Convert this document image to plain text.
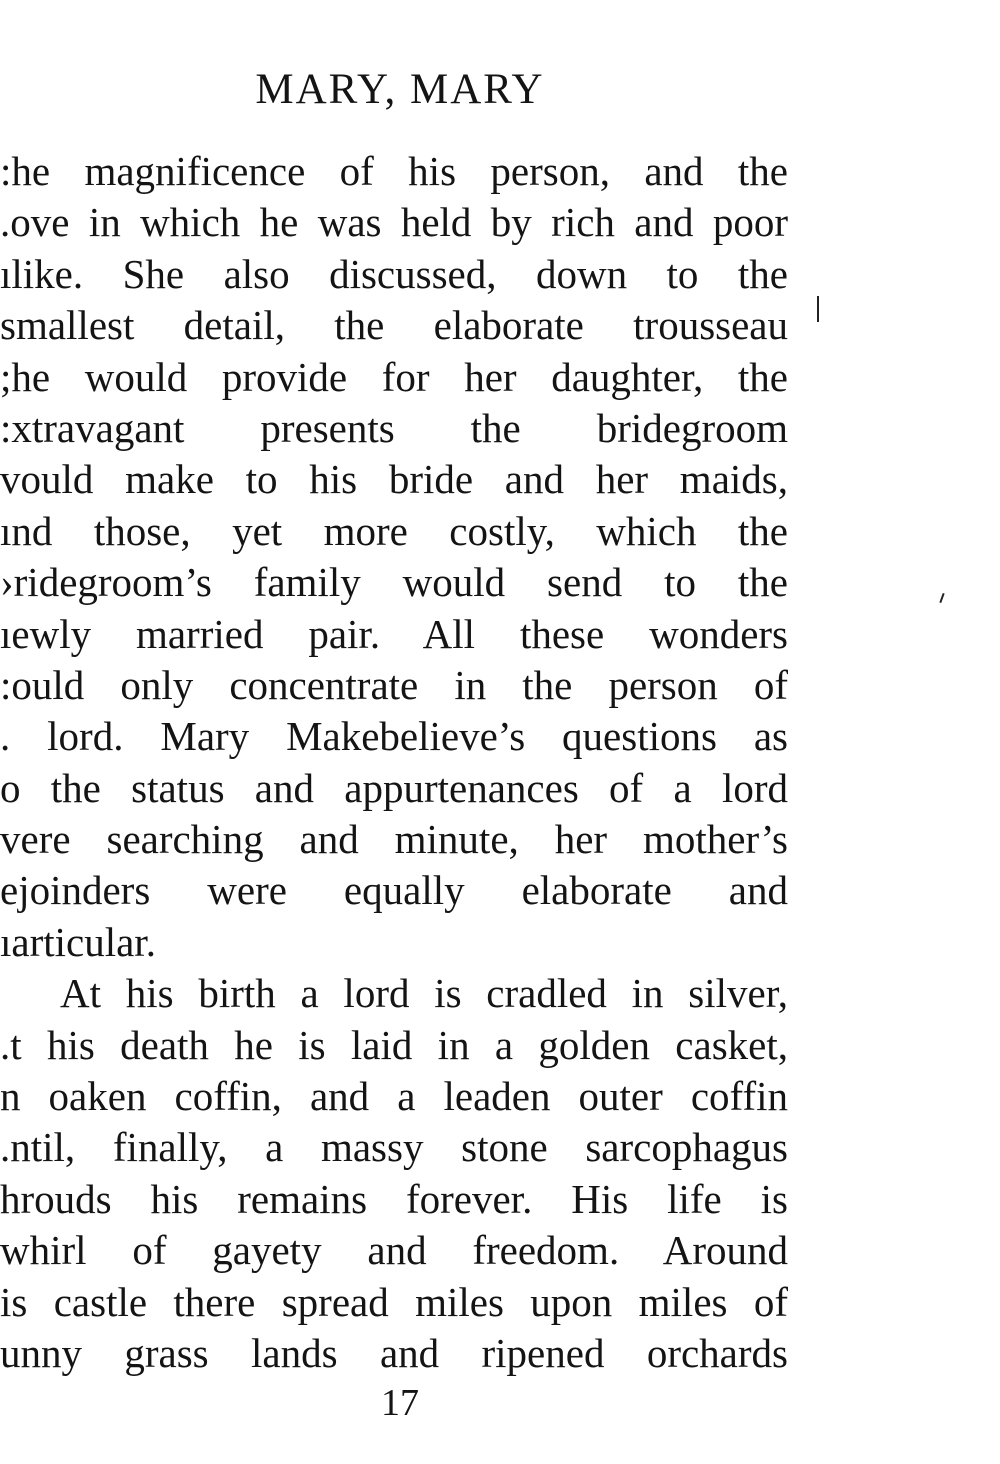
MARY, MARY
:he magnificence of his person, and the
.ove in which he was held by rich and poor
ılike. She also discussed, down to the
smallest detail, the elaborate trousseau
;he would provide for her daughter, the
:xtravagant presents the bridegroom
vould make to his bride and her maids,
ınd those, yet more costly, which the
›ridegroom’s family would send to the
ıewly married pair. All these wonders
:ould only concentrate in the person of
. lord. Mary Makebelieve’s questions as
o the status and appurtenances of a lord
vere searching and minute, her mother’s
ejoinders were equally elaborate and
ıarticular.
At his birth a lord is cradled in silver,
.t his death he is laid in a golden casket,
n oaken coffin, and a leaden outer coffin
.ntil, finally, a massy stone sarcophagus
hrouds his remains forever. His life is
whirl of gayety and freedom. Around
is castle there spread miles upon miles of
unny grass lands and ripened orchards
17
